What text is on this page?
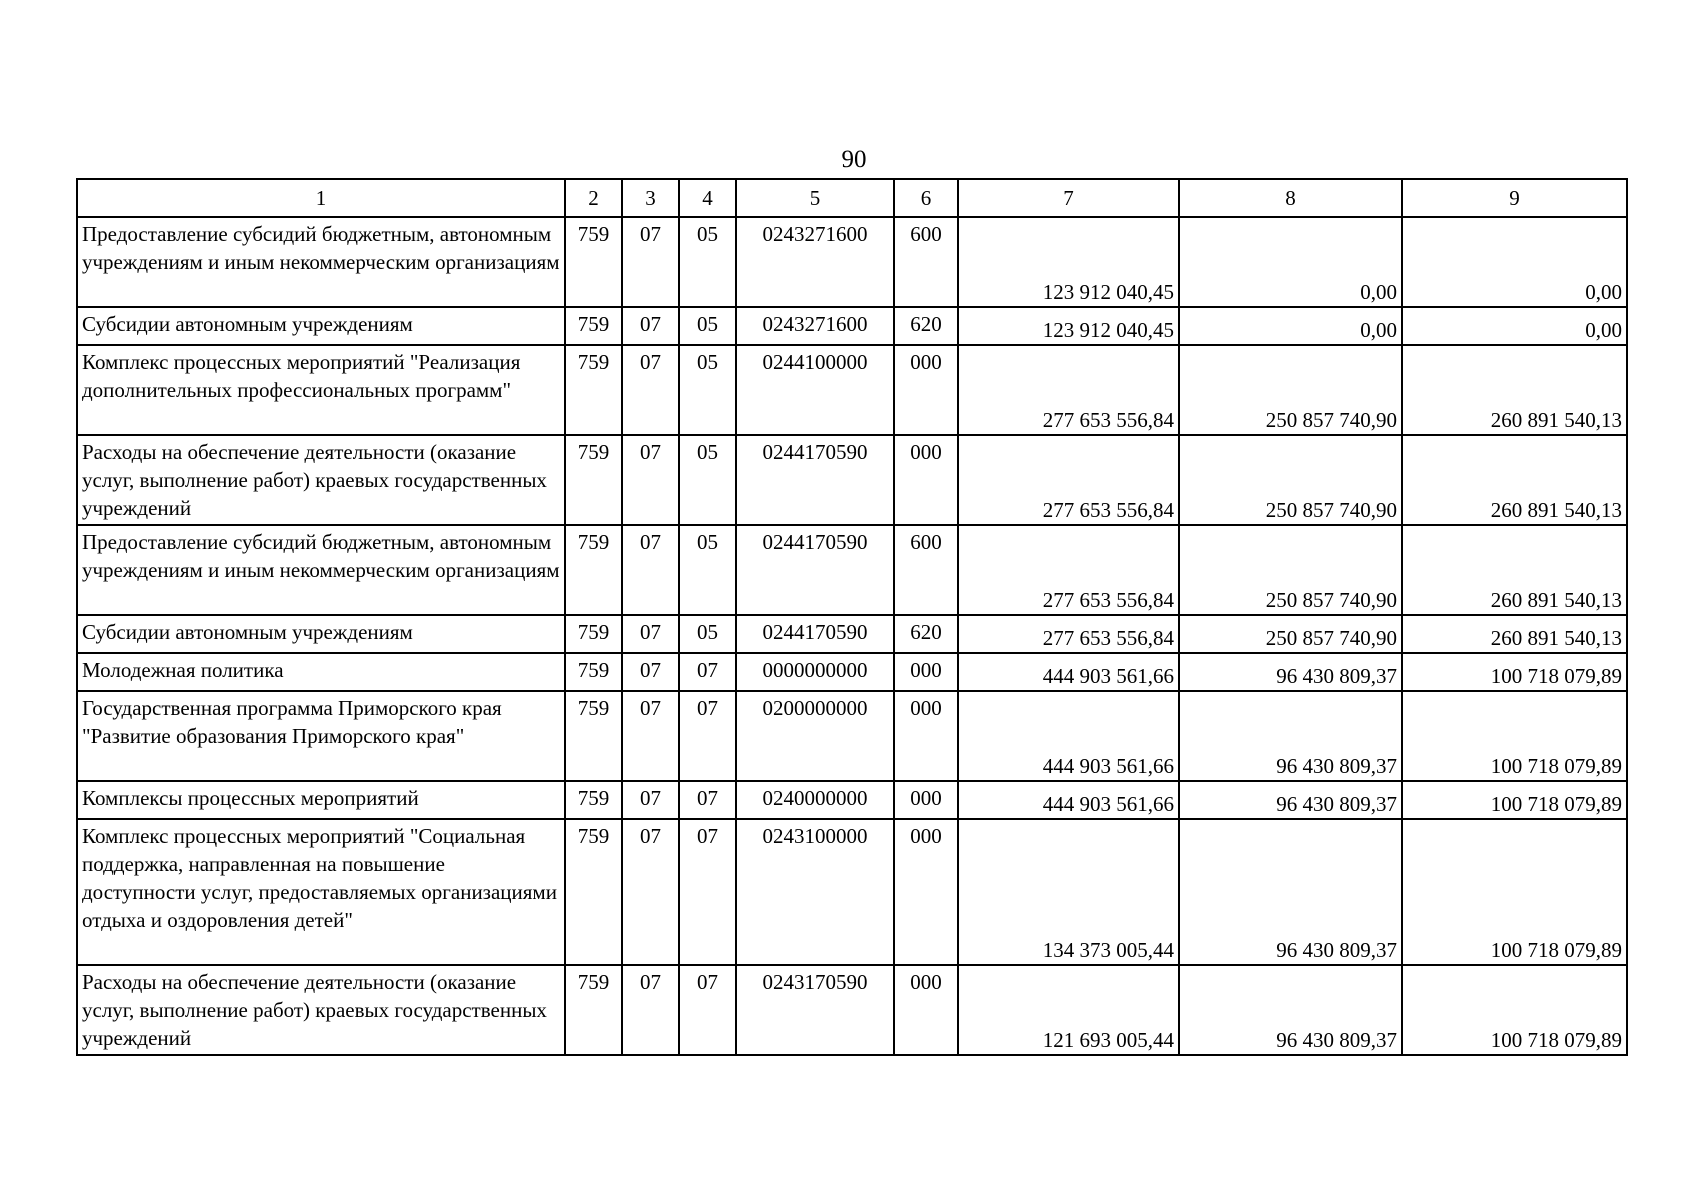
90
1	2	3	4	5	6	7	8	9
Предоставление субсидий бюджетным, автономным учреждениям и иным некоммерческим организациям	759	07	05	0243271600	600	123 912 040,45	0,00	0,00
Субсидии автономным учреждениям	759	07	05	0243271600	620	123 912 040,45	0,00	0,00
Комплекс процессных мероприятий "Реализация дополнительных профессиональных программ"	759	07	05	0244100000	000	277 653 556,84	250 857 740,90	260 891 540,13
Расходы на обеспечение деятельности (оказание услуг, выполнение работ) краевых государственных учреждений	759	07	05	0244170590	000	277 653 556,84	250 857 740,90	260 891 540,13
Предоставление субсидий бюджетным, автономным учреждениям и иным некоммерческим организациям	759	07	05	0244170590	600	277 653 556,84	250 857 740,90	260 891 540,13
Субсидии автономным учреждениям	759	07	05	0244170590	620	277 653 556,84	250 857 740,90	260 891 540,13
Молодежная политика	759	07	07	0000000000	000	444 903 561,66	96 430 809,37	100 718 079,89
Государственная программа Приморского края "Развитие образования Приморского края"	759	07	07	0200000000	000	444 903 561,66	96 430 809,37	100 718 079,89
Комплексы процессных мероприятий	759	07	07	0240000000	000	444 903 561,66	96 430 809,37	100 718 079,89
Комплекс процессных мероприятий "Социальная поддержка, направленная на повышение доступности услуг, предоставляемых организациями отдыха и оздоровления детей"	759	07	07	0243100000	000	134 373 005,44	96 430 809,37	100 718 079,89
Расходы на обеспечение деятельности (оказание услуг, выполнение работ) краевых государственных учреждений	759	07	07	0243170590	000	121 693 005,44	96 430 809,37	100 718 079,89
